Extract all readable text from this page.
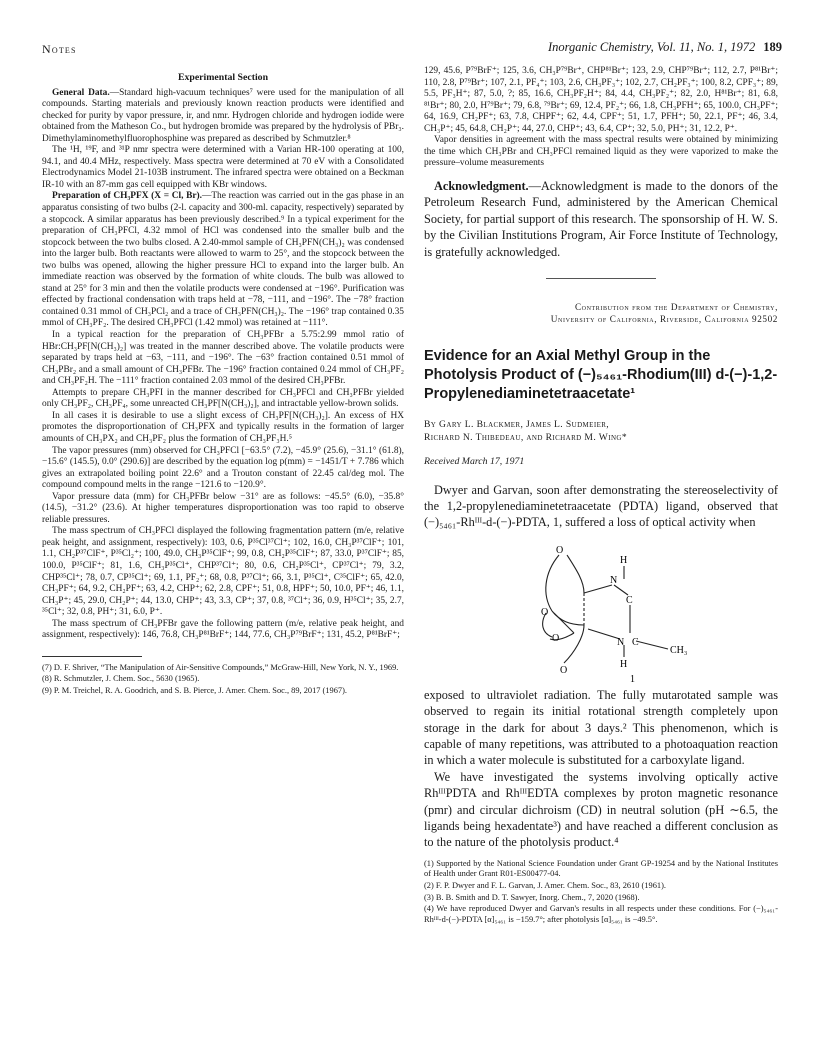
Notes	Inorganic Chemistry, Vol. 11, No. 1, 1972 189
Experimental Section

General Data.—Standard high-vacuum techniques⁷ were used for the manipulation of all compounds. Starting materials and previously known reaction products were identified and checked for purity by vapor pressure, ir, and nmr. Hydrogen chloride and hydrogen iodide were obtained from the Matheson Co., but hydrogen bromide was prepared by the hydrolysis of PBr₃. Dimethylaminomethylfluorophosphine was prepared as described by Schmutzler.⁸

The ¹H, ¹⁹F, and ³¹P nmr spectra were determined with a Varian HR-100 operating at 100, 94.1, and 40.4 MHz, respectively. Mass spectra were determined at 70 eV with a Consolidated Electrodynamics Model 21-103B instrument. The infrared spectra were obtained on a Beckman IR-10 with an 87-mm gas cell equipped with KBr windows.

Preparation of CH₃PFX (X = Cl, Br).—The reaction was carried out in the gas phase in an apparatus consisting of two bulbs (2-l. capacity and 300-ml. capacity, respectively) separated by a stopcock. A similar apparatus has been previously described.⁹ In a typical experiment for the preparation of CH₃PFCl, 4.32 mmol of HCl was condensed into the smaller bulb and the stopcock between the two bulbs closed. A 2.40-mmol sample of CH₃PFN(CH₃)₂ was condensed into the larger bulb. Both reactants were allowed to warm to 25°, and the stopcock between the two bulbs was opened, allowing the higher pressure HCl to expand into the larger bulb. An immediate reaction was observed by the formation of white clouds. The bulb was allowed to stand at 25° for 3 min and then the volatile products were condensed at −196°. Purification was effected by fractional condensation with traps held at −78, −111, and −196°. The −78° fraction contained 0.31 mmol of CH₃PCl₂ and a trace of CH₃PFN(CH₃)₂. The −196° trap contained 0.35 mmol of CH₃PF₂. The desired CH₃PFCl (1.42 mmol) was retained at −111°.

In a typical reaction for the preparation of CH₃PFBr a 5.75:2.99 mmol ratio of HBr:CH₃PF[N(CH₃)₂] was treated in the manner described above. The volatile products were separated by traps held at −63, −111, and −196°. The −63° fraction contained 0.51 mmol of CH₃PBr₂ and a small amount of CH₃PFBr. The −196° fraction contained 0.24 mmol of CH₃PF₂ and CH₃PF₂H. The −111° fraction contained 2.03 mmol of the desired CH₃PFBr.

Attempts to prepare CH₃PFI in the manner described for CH₃PFCl and CH₃PFBr yielded only CH₃PF₂, CH₃PF₄, some unreacted CH₃PF[N(CH₃)₂], and intractable yellow-brown solids.

In all cases it is desirable to use a slight excess of CH₃PF[N(CH₃)₂]. An excess of HX promotes the disproportionation of CH₃PFX and typically results in the formation of larger amounts of CH₃PX₂ and CH₃PF₂ plus the formation of CH₃PF₃H.⁵

The vapor pressures (mm) observed for CH₃PFCl [−63.5° (7.2), −45.9° (25.6), −31.1° (61.8), −15.6° (145.5), 0.0° (290.6)] are described by the equation log p(mm) = −1451/T + 7.786 which gives an extrapolated boiling point 22.6° and a Trouton constant of 22.45 cal/deg mol. The compound compound melts in the range −121.6 to −120.9°.

Vapor pressure data (mm) for CH₃PFBr below −31° are as follows: −45.5° (6.0), −35.8° (14.5), −31.2° (23.6). At higher temperatures disproportionation was too rapid to observe reliable pressures.

The mass spectrum of CH₃PFCl displayed the following fragmentation pattern (m/e, relative peak height, and assignment, respectively): 103, 0.6, P³⁵Cl³⁷Cl⁺; 102, 16.0, CH₃P³⁷ClF⁺; 101, 1.1, CH₂P³⁷ClF⁺, P³⁵Cl₂⁺; 100, 49.0, CH₃P³⁵ClF⁺; 99, 0.8, CH₂P³⁵ClF⁺; 87, 33.0, P³⁷ClF⁺; 85, 100.0, P³⁵ClF⁺; 81, 1.6, CH₃P³⁵Cl⁺, CHP³⁷Cl⁺; 80, 0.6, CH₂P³⁵Cl⁺, CP³⁷Cl⁺; 79, 3.2, CHP³⁵Cl⁺; 78, 0.7, CP³⁵Cl⁺; 69, 1.1, PF₂⁺; 68, 0.8, P³⁷Cl⁺; 66, 3.1, P³⁵Cl⁺, C³⁵ClF⁺; 65, 42.0, CH₃PF⁺; 64, 9.2, CH₂PF⁺; 63, 4.2, CHP⁺; 62, 2.8, CPF⁺; 51, 0.8, HPF⁺; 50, 10.0, PF⁺; 46, 1.1, CH₃P⁺; 45, 29.0, CH₂P⁺; 44, 13.0, CHP⁺; 43, 3.3, CP⁺; 37, 0.8, ³⁷Cl⁺; 36, 0.9, H³⁵Cl⁺; 35, 2.7, ³⁵Cl⁺; 32, 0.8, PH⁺; 31, 6.0, P⁺.

The mass spectrum of CH₃PFBr gave the following pattern (m/e, relative peak height, and assignment, respectively): 146, 76.8, CH₃P⁸¹BrF⁺; 144, 77.6, CH₃P⁷⁹BrF⁺; 131, 45.2, P⁸¹BrF⁺;

(7) D. F. Shriver, “The Manipulation of Air-Sensitive Compounds,” McGraw-Hill, New York, N. Y., 1969.

(8) R. Schmutzler, J. Chem. Soc., 5630 (1965).

(9) P. M. Treichel, R. A. Goodrich, and S. B. Pierce, J. Amer. Chem. Soc., 89, 2017 (1967).

129, 45.6, P⁷⁹BrF⁺; 125, 3.6, CH₃P⁷⁹Br⁺, CHP⁸¹Br⁺; 123, 2.9, CHP⁷⁹Br⁺; 112, 2.7, P⁸¹Br⁺; 110, 2.8, P⁷⁹Br⁺; 107, 2.1, PF₄⁺; 103, 2.6, CH₃PF₃⁺; 102, 2.7, CH₂PF₃⁺; 100, 8.2, CPF₃⁺; 89, 5.5, PF₃H⁺; 87, 5.0, ?; 85, 16.6, CH₃PF₂H⁺; 84, 4.4, CH₃PF₂⁺; 82, 2.0, H⁸¹Br⁺; 81, 6.8, ⁸¹Br⁺; 80, 2.0, H⁷⁹Br⁺; 79, 6.8, ⁷⁹Br⁺; 69, 12.4, PF₂⁺; 66, 1.8, CH₃PFH⁺; 65, 100.0, CH₃PF⁺; 64, 16.9, CH₂PF⁺; 63, 7.8, CHPF⁺; 62, 4.4, CPF⁺; 51, 1.7, PFH⁺; 50, 22.1, PF⁺; 46, 3.4, CH₃P⁺; 45, 64.8, CH₂P⁺; 44, 27.0, CHP⁺; 43, 6.4, CP⁺; 32, 5.0, PH⁺; 31, 12.2, P⁺.

Vapor densities in agreement with the mass spectral results were obtained by minimizing the time which CH₃PBr and CH₃PFCl remained liquid as they were vaporized to make the pressure–volume measurements

Acknowledgment.—Acknowledgment is made to the donors of the Petroleum Research Fund, administered by the American Chemical Society, for partial support of this research. The sponsorship of H. W. S. by the Civilian Institutions Program, Air Force Institute of Technology, is gratefully acknowledged.

Contribution from the Department of Chemistry,

University of California, Riverside, California 92502

Evidence for an Axial Methyl Group in the Photolysis Product of (−)₅₄₆₁-Rhodium(III) d-(−)-1,2-Propylenediaminetetraacetate¹

By Gary L. Blackmer, James L. Sudmeier,

Richard N. Thibedeau, and Richard M. Wing*

Received March 17, 1971

Dwyer and Garvan, soon after demonstrating the stereoselectivity of the 1,2-propylenediaminetetraacetate (PDTA) ligand, observed that (−)₅₄₆₁-Rhᴵᴵᴵ-d-(−)-PDTA, 1, suffered a loss of optical activity when

H
O
N
C
O
O	N C
CH₃
H
O
1

exposed to ultraviolet radiation. The fully mutarotated sample was observed to regain its initial rotational strength completely upon storage in the dark for about 3 days.² This phenomenon, which is capable of many repetitions, was attributed to a photoaquation reaction in which a water molecule is substituted for a carboxylate ligand.

We have investigated the systems involving optically active RhᴵᴵᴵPDTA and RhᴵᴵᴵEDTA complexes by proton magnetic resonance (pmr) and circular dichroism (CD) in neutral solution (pH ∼6.5, the ligands being hexadentate³) and have reached a different conclusion as to the nature of the photolysis product.⁴

(1) Supported by the National Science Foundation under Grant GP-19254 and by the National Institutes of Health under Grant R01-ES00477-04.

(2) F. P. Dwyer and F. L. Garvan, J. Amer. Chem. Soc., 83, 2610 (1961).

(3) B. B. Smith and D. T. Sawyer, Inorg. Chem., 7, 2020 (1968).

(4) We have reproduced Dwyer and Garvan's results in all respects under these conditions. For (−)₅₄₆₁-Rhᴵᴵᴵ-d-(−)-PDTA [α]₅₄₆₁ is −159.7°; after photolysis [α]₅₄₆₁ is −49.5°.
